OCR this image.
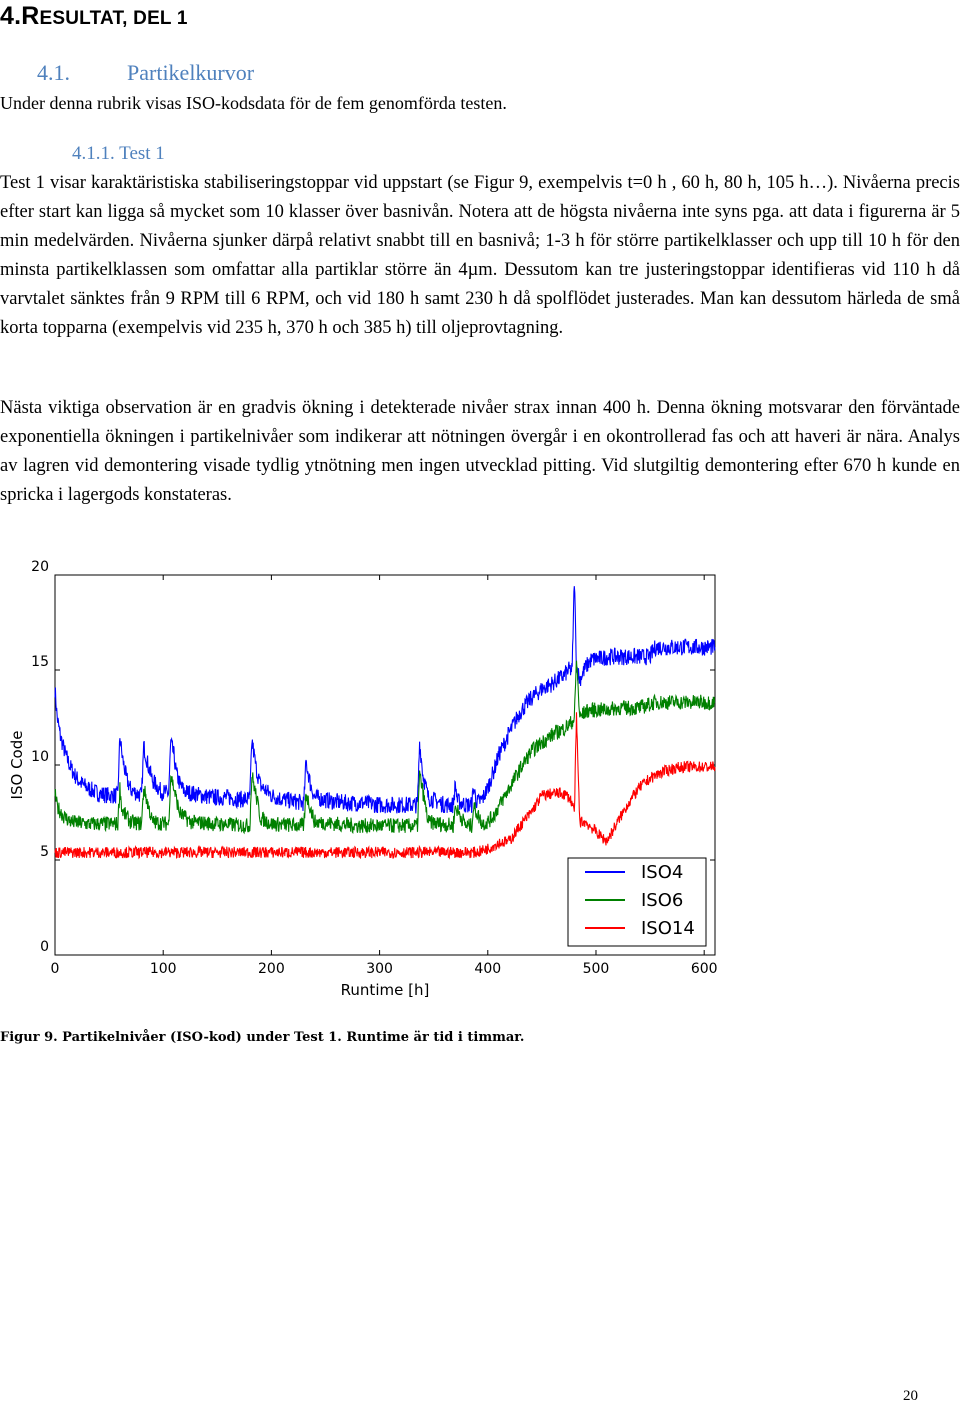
4.RESULTAT, DEL 1
4.1.	Partikelkurvor

Under denna rubrik visas ISO-kodsdata för de fem genomförda testen.

4.1.1. Test 1

Test 1 visar karaktäristiska stabiliseringstoppar vid uppstart (se Figur 9, exempelvis t=0 h , 60 h, 80 h, 105 h…). Nivåerna precis efter start kan ligga så mycket som 10 klasser över basnivån. Notera att de högsta nivåerna inte syns pga. att data i figurerna är 5 min medelvärden. Nivåerna sjunker därpå relativt snabbt till en basnivå; 1-3 h för större partikelklasser och upp till 10 h för den minsta partikelklassen som omfattar alla partiklar större än 4µm. Dessutom kan tre justeringstoppar identifieras vid 110 h då varvtalet sänktes från 9 RPM till 6 RPM, och vid 180 h samt 230 h då spolflödet justerades. Man kan dessutom härleda de små korta topparna (exempelvis vid 235 h, 370 h och 385 h) till oljeprovtagning.

Nästa viktiga observation är en gradvis ökning i detekterade nivåer strax innan 400 h. Denna ökning motsvarar den förväntade exponentiella ökningen i partikelnivåer som indikerar att nötningen övergår i en okontrollerad fas och att haveri är nära. Analys av lagren vid demontering visade tydlig ytnötning men ingen utvecklad pitting. Vid slutgiltig demontering efter 670 h kunde en spricka i lagergods konstateras.

0
5
10
15
20
0	100	200	300	400	500	600
Runtime [h]
ISO Code
ISO4
ISO6
ISO14

Figur 9. Partikelnivåer (ISO-kod) under Test 1. Runtime är tid i timmar.

20
